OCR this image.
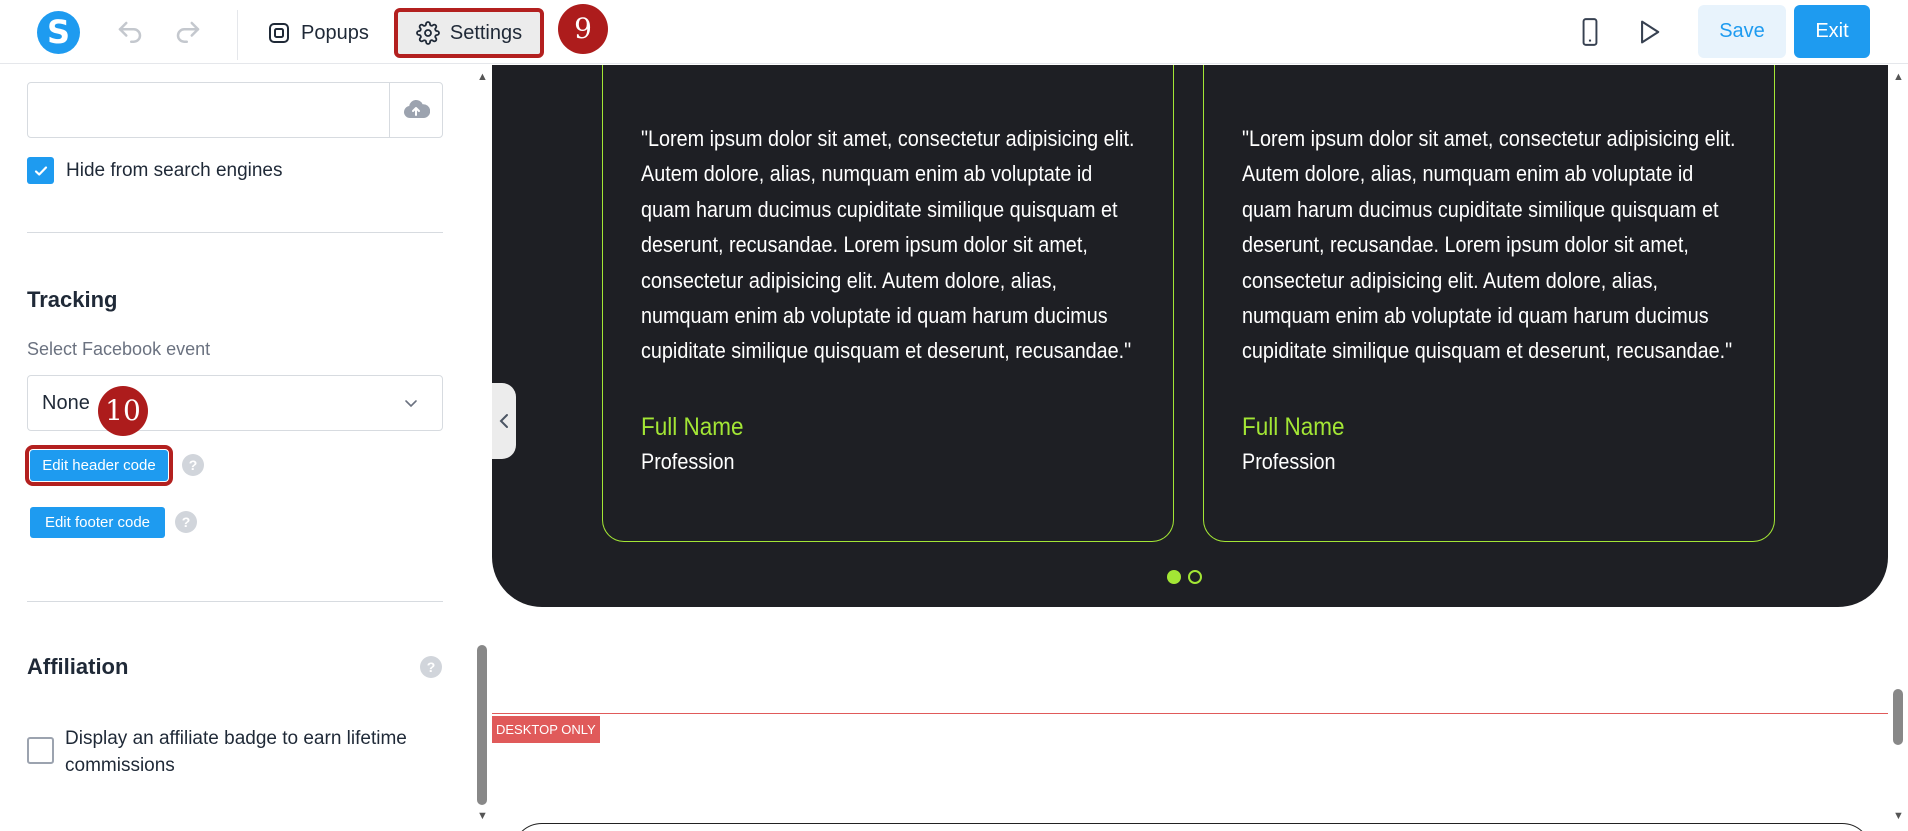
S	Popups	Settings	9	Save	Exit
Hide from search engines
Tracking
Select Facebook event
None
Edit header code	?
Edit footer code	?
Affiliation	?
Display an affiliate badge to earn lifetime commissions
10
▲
▼
"Lorem ipsum dolor sit amet, consectetur adipisicing elit. Autem dolore, alias, numquam enim ab voluptate id quam harum ducimus cupiditate similique quisquam et deserunt, recusandae. Lorem ipsum dolor sit amet, consectetur adipisicing elit. Autem dolore, alias, numquam enim ab voluptate id quam harum ducimus cupiditate similique quisquam et deserunt, recusandae."
Full Name
Profession
"Lorem ipsum dolor sit amet, consectetur adipisicing elit. Autem dolore, alias, numquam enim ab voluptate id quam harum ducimus cupiditate similique quisquam et deserunt, recusandae. Lorem ipsum dolor sit amet, consectetur adipisicing elit. Autem dolore, alias, numquam enim ab voluptate id quam harum ducimus cupiditate similique quisquam et deserunt, recusandae."
Full Name
Profession
DESKTOP ONLY
▲
▼
